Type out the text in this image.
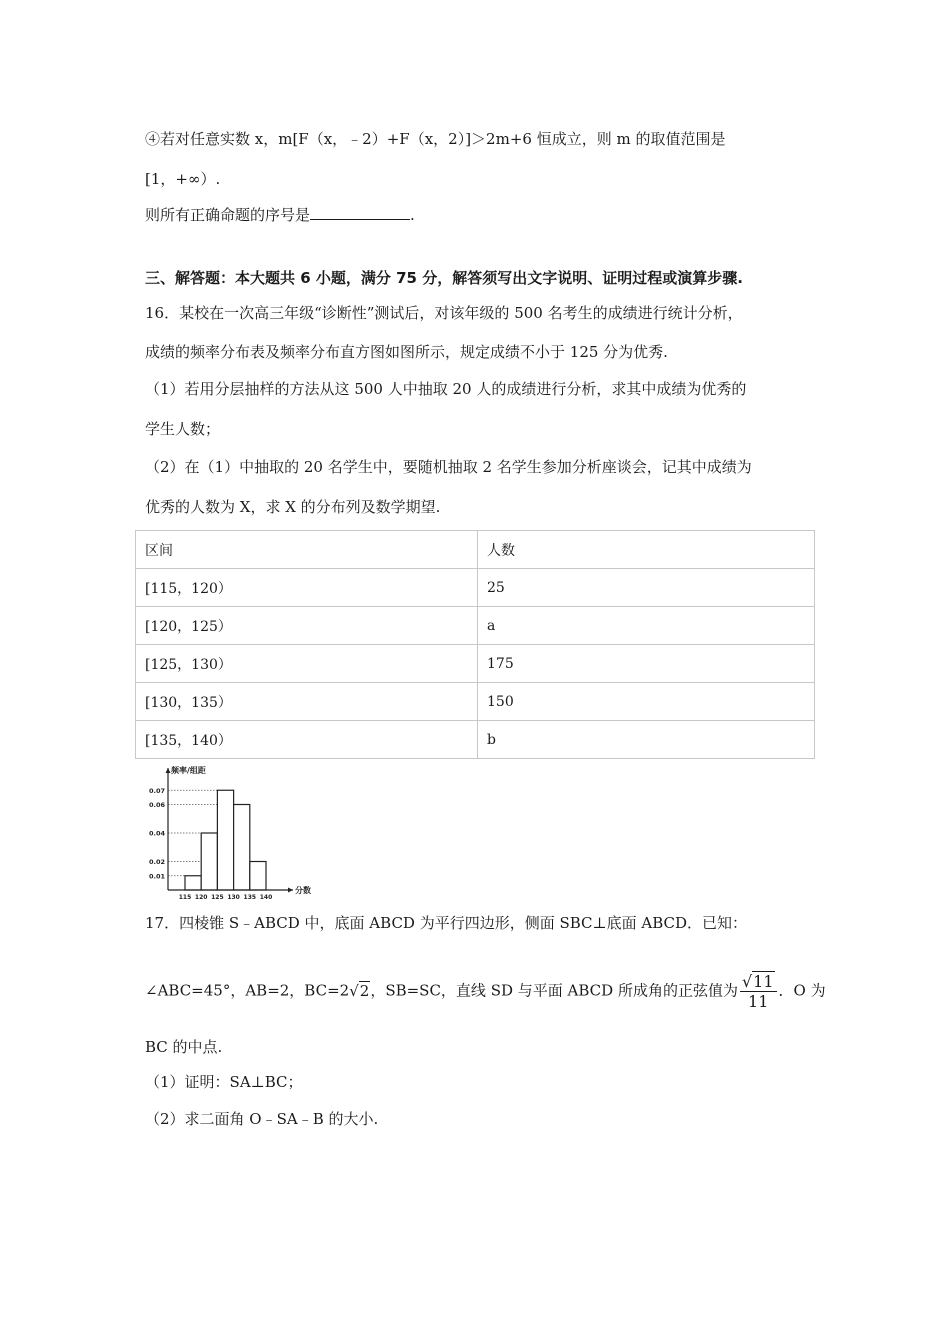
④若对任意实数 x，m[F（x，﹣2）+F（x，2）]＞2m+6 恒成立，则 m 的取值范围是
[1，+∞）.
则所有正确命题的序号是	.
三、解答题：本大题共 6 小题，满分 75 分，解答须写出文字说明、证明过程或演算步骤.
16．某校在一次高三年级“诊断性”测试后，对该年级的 500 名考生的成绩进行统计分析，
成绩的频率分布表及频率分布直方图如图所示，规定成绩不小于 125 分为优秀.
（1）若用分层抽样的方法从这 500 人中抽取 20 人的成绩进行分析，求其中成绩为优秀的
学生人数；
（2）在（1）中抽取的 20 名学生中，要随机抽取 2 名学生参加分析座谈会，记其中成绩为
优秀的人数为 X，求 X 的分布列及数学期望.
区间	人数
[115，120）	25
[120，125）	a
[125，130）	175
[130，135）	150
[135，140）	b
0.01
0.02
0.04
0.06
0.07
115 120 125 130 135 140
频率/组距
分数
17．四棱锥 S﹣ABCD 中，底面 ABCD 为平行四边形，侧面 SBC⊥底面 ABCD．已知：
∠ABC=45°，AB=2，BC=2√2，SB=SC，直线 SD 与平面 ABCD 所成角的正弦值为 $\frac{√11}{11}$ ．O 为
BC 的中点.
（1）证明：SA⊥BC；
（2）求二面角 O﹣SA﹣B 的大小.
